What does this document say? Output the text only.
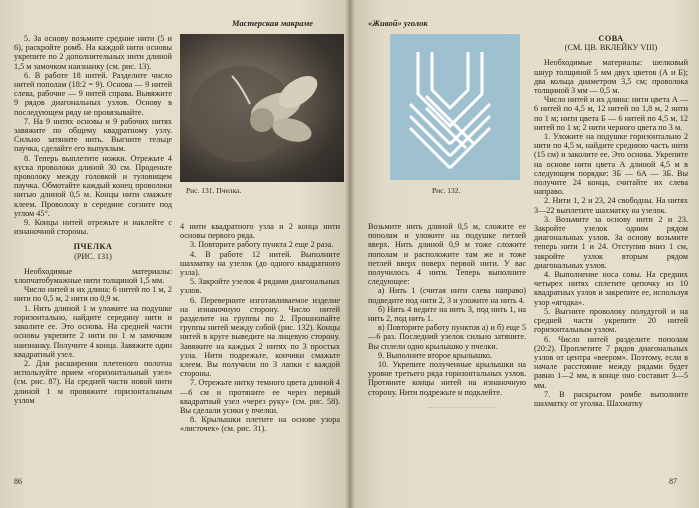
Мастерская макраме

5. За основу возьмите средние нити (5 и 6), раскройте ромб. На каждой нити основы укрепите по 2 дополнительных нити длиной 1,5 м замочком наизнанку (см. рис. 13).

6. В работе 18 нитей. Разделите число нитей пополам (18:2 = 9). Основа — 9 нитей слева, рабочие — 9 нитей справа. Вывяжите 9 рядов диагональных узлов. Основу в последующем ряду не провязывайте.

7. На 9 нитях основы и 9 рабочих нитях завяжите по общему квадратному узлу. Сильно затяните нить. Выгните тельце паучка, сделайте его выпуклым.

8. Теперь выплетите ножки. Отрежьте 4 куска проволоки длиной 30 см. Проденьте проволоку между головкой и туловищем паучка. Обмотайте каждый конец проволоки нитью длиной 0,5 м. Концы нити смажьте клеем. Проволоку в середине согните под углом 45°.

9. Концы нитей отрежьте и наклейте с изнаночной стороны.

ПЧЕЛКА

(РИС. 131)

Необходимые материалы: хлопчатобумажные нити толщиной 1,5 мм.

Число нитей и их длина: 6 нитей по 1 м, 2 нити по 0,5 м, 2 нити по 0,9 м.

1. Нить длиной 1 м уложите на подушке горизонтально, найдите середину нити и заколите ее. Это основа. На средней части основы укрепите 2 нити по 1 м замочком наизнанку. Получите 4 конца. Завяжите один квадратный узел.

2. Для расширения плетеного полотна используйте прием «горизонтальный узел» (см. рис. 87). На средней части новой нити длиной 1 м провяжите горизонтальным узлом

Рис. 131. Пчелка.

4 нити квадратного узла и 2 конца нити основы первого ряда.

3. Повторите работу пункта 2 еще 2 раза.

4. В работе 12 нитей. Выполните шахматку на узелок (до одного квадратного узла).

5. Закройте узелок 4 рядами диагональных узлов.

6. Переверните изготавливаемое изделие на изнаночную сторону. Число нитей разделите на группы по 2. Прошнопайте группы нитей между собой (рис. 132). Концы нитей в круге выведите на лицевую сторону. Завяжите на каждых 2 нитях по 3 простых узла. Нити подрежьте, кончики смажьте клеем. Вы получили по 3 лапки с каждой стороны.

7. Отрежьте нитку темного цвета длиной 4—6 см и протяните ее через первый квадратный узел «через руку» (см. рис. 58). Вы сделали усики у пчелки.

8. Крылышки плетите на основе узора «листочек» (см. рис. 31).

86
«Живой» уголок
Рис. 132.

Возьмите нить длиной 0,5 м, сложите ее пополам и уложите на подушке петлей вверх. Нить длиной 0,9 м тоже сложите пополам и расположите там же и тоже петлей вверх поверх первой нити. У вас получилось 4 нити. Теперь выполните следующее:

а) Нить 1 (считая нити слева направо) подведите под нити 2, 3 и уложите на нить 4.

б) Нить 4 ведите на нить 3, под нить 1, на нить 2, под нить 1.

в) Повторите работу пунктов а) и б) еще 5—6 раз. Последний узелок сильно затяните. Вы сплели одно крылышко у пчелки.

9. Выполните второе крылышко.

10. Укрепите полученные крылышки на уровне третьего ряда горизонтальных узлов. Протяните концы нитей на изнаночную сторону. Нити подрежьте и подклейте.

СОВА

(СМ. ЦВ. ВКЛЕЙКУ VIII)

Необходимые материалы: шелковый шнур толщиной 5 мм двух цветов (А и Б); два кольца диаметром 3,5 см; проволока толщиной 3 мм — 0,5 м.

Число нитей и их длина: нити цвета А — 6 нитей по 4,5 м, 12 нитей по 1,8 м, 2 нити по 1 м; нити цвета Б — 6 нитей по 4,5 м, 12 нитей по 1 м; 2 нити черного цвета по 3 м.

1. Уложите на подушке горизонтально 2 нити по 4,5 м, найдите среднюю часть нити (15 см) и заколите ее. Это основа. Укрепите на основе нити цвета А длиной 4,5 м в следующем порядке: 3Б — 6А — 3Б. Вы получите 24 конца, считайте их слева направо.

2. Нити 1, 2 и 23, 24 свободны. На нитях 3—22 выплетите шахматку на узелок.

3. Возьмите за основу нити 2 и 23. Закройте узелок одним рядом диагональных узлов. За основу возьмите теперь нити 1 и 24. Отступив вниз 1 см, закройте узлок вторым рядом диагональных узлов.

4. Выполнение носа совы. На средних четырех нитях сплетите цепочку из 10 квадратных узлов и закрепите ее, используя узор «ягодка».

5. Выгните проволоку полудугой и на средней части укрепите 20 нитей горизонтальным узлом.

6. Число нитей разделите пополам (20:2). Проплетите 7 рядов диагональных узлов от центра «веером». Поэтому, если в начале расстояние между рядами будет равно 1—2 мм, в конце оно составит 3—5 мм.

7. В раскрытом ромбе выполните шахматку от уголка. Шахматку

87
